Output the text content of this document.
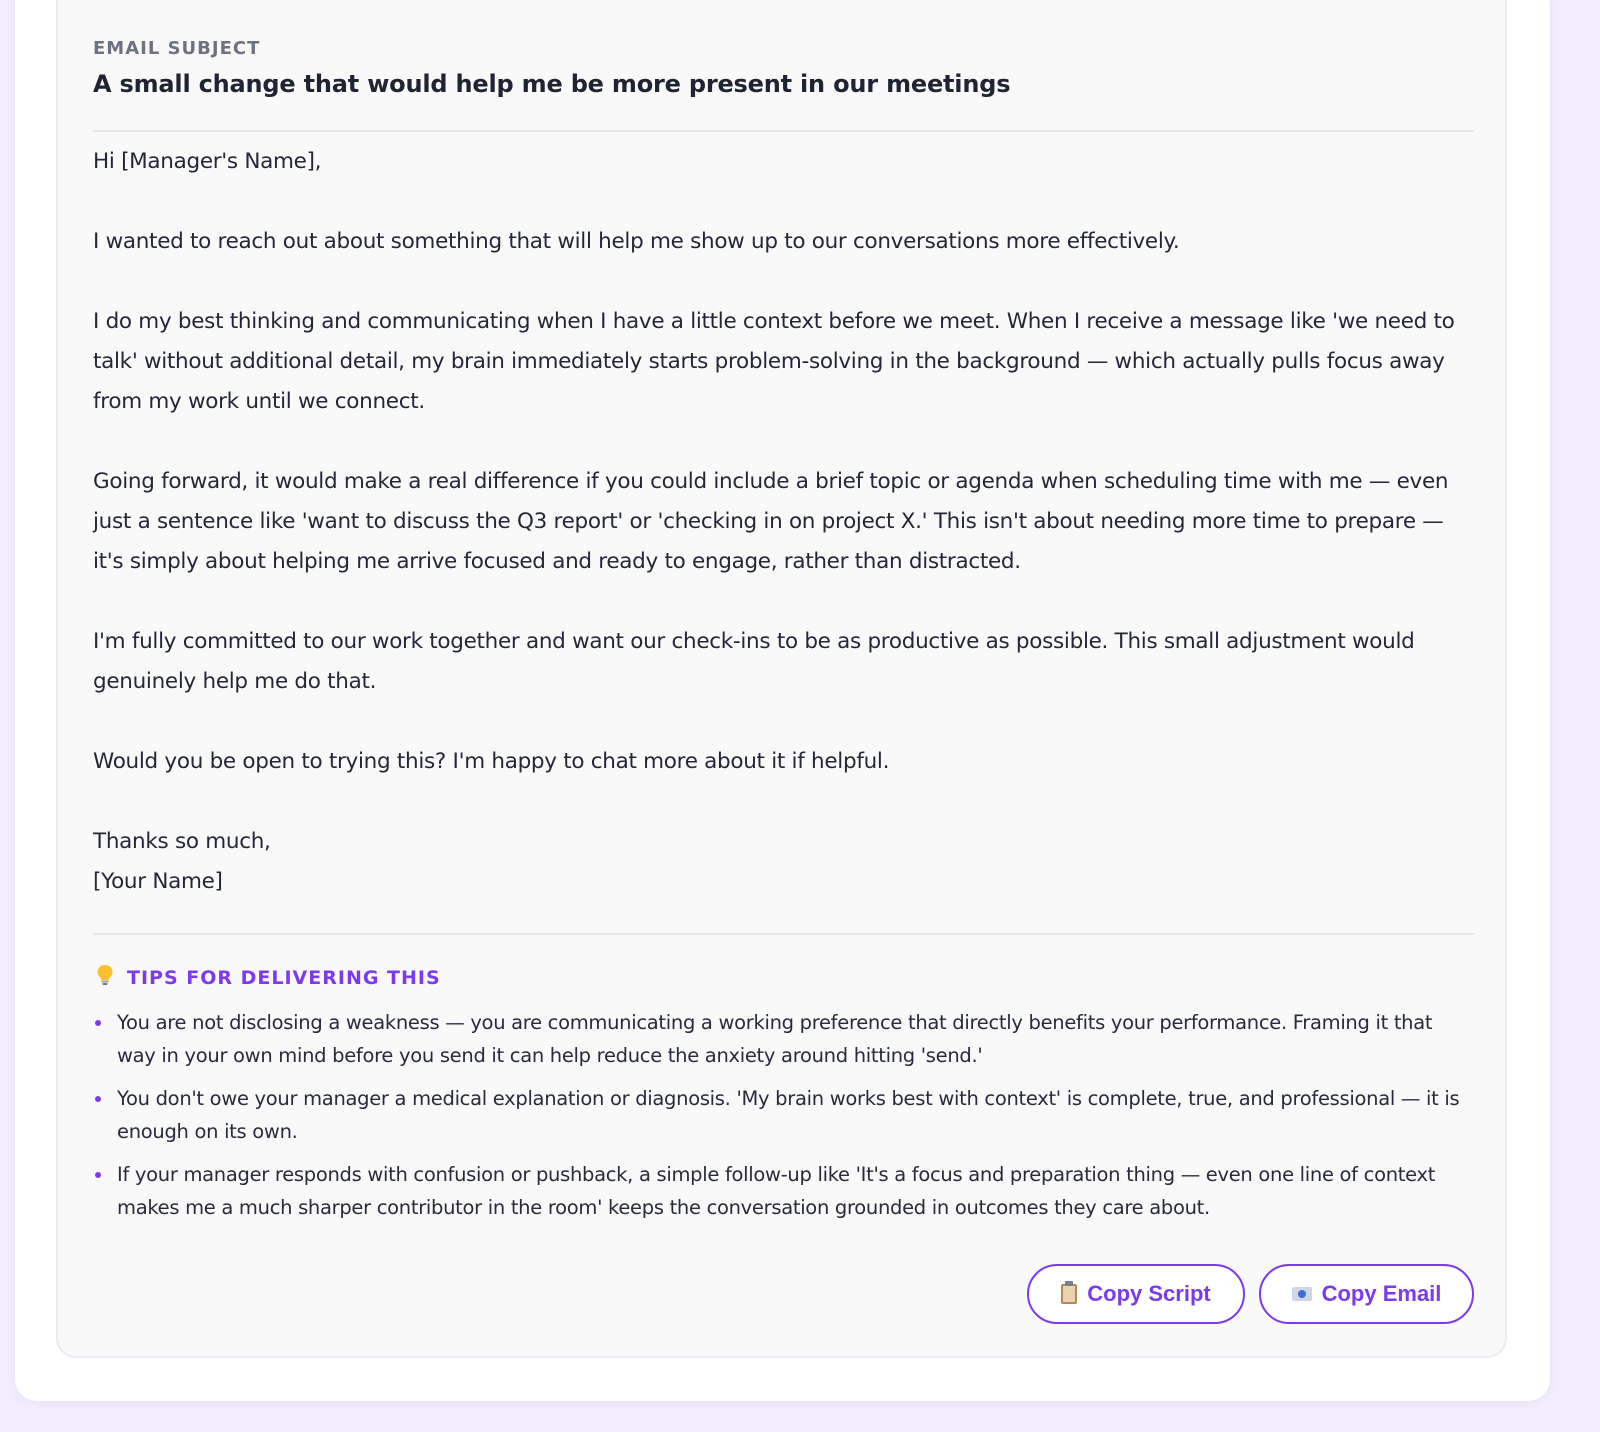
EMAIL SUBJECT
A small change that would help me be more present in our meetings

Hi [Manager's Name],

I wanted to reach out about something that will help me show up to our conversations more effectively.

I do my best thinking and communicating when I have a little context before we meet. When I receive a message like 'we need to talk' without additional detail, my brain immediately starts problem-solving in the background — which actually pulls focus away from my work until we connect.

Going forward, it would make a real difference if you could include a brief topic or agenda when scheduling time with me — even just a sentence like 'want to discuss the Q3 report' or 'checking in on project X.' This isn't about needing more time to prepare — it's simply about helping me arrive focused and ready to engage, rather than distracted.

I'm fully committed to our work together and want our check-ins to be as productive as possible. This small adjustment would genuinely help me do that.

Would you be open to trying this? I'm happy to chat more about it if helpful.

Thanks so much,

[Your Name]

TIPS FOR DELIVERING THIS
You are not disclosing a weakness — you are communicating a working preference that directly benefits your performance. Framing it that way in your own mind before you send it can help reduce the anxiety around hitting 'send.'
You don't owe your manager a medical explanation or diagnosis. 'My brain works best with context' is complete, true, and professional — it is enough on its own.
If your manager responds with confusion or pushback, a simple follow-up like 'It's a focus and preparation thing — even one line of context makes me a much sharper contributor in the room' keeps the conversation grounded in outcomes they care about.
Copy Script	Copy Email
